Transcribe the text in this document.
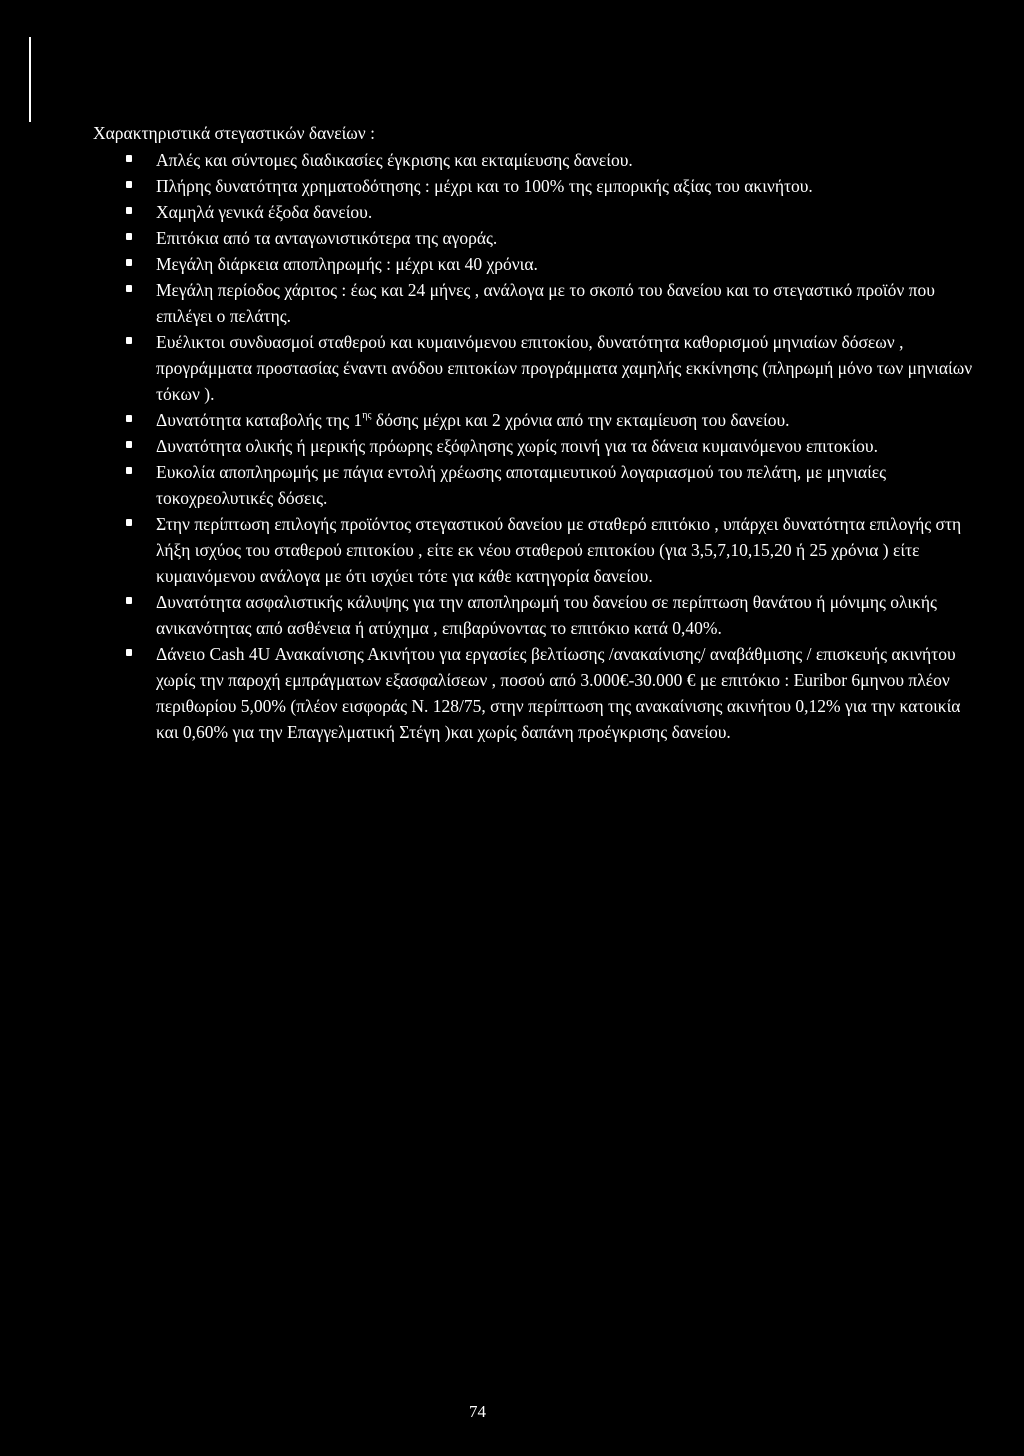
Χαρακτηριστικά στεγαστικών δανείων :

Απλές και σύντομες διαδικασίες έγκρισης και εκταμίευσης δανείου.
Πλήρης δυνατότητα χρηματοδότησης : μέχρι και το 100% της εμπορικής αξίας του ακινήτου.
Χαμηλά γενικά έξοδα δανείου.
Επιτόκια από τα ανταγωνιστικότερα της αγοράς.
Μεγάλη διάρκεια αποπληρωμής : μέχρι και 40 χρόνια.
Μεγάλη περίοδος χάριτος : έως και 24 μήνες , ανάλογα με το σκοπό του δανείου και το στεγαστικό προϊόν που επιλέγει ο πελάτης.
Ευέλικτοι συνδυασμοί σταθερού και κυμαινόμενου επιτοκίου, δυνατότητα καθορισμού μηνιαίων δόσεων , προγράμματα προστασίας έναντι ανόδου επιτοκίων προγράμματα χαμηλής εκκίνησης (πληρωμή μόνο των μηνιαίων τόκων ).
Δυνατότητα καταβολής της $1^{\eta\varsigma}$ δόσης μέχρι και 2 χρόνια από την εκταμίευση του δανείου.
Δυνατότητα ολικής ή μερικής πρόωρης εξόφλησης χωρίς ποινή για τα δάνεια κυμαινόμενου επιτοκίου.
Ευκολία αποπληρωμής με πάγια εντολή χρέωσης αποταμιευτικού λογαριασμού του πελάτη, με μηνιαίες τοκοχρεολυτικές δόσεις.
Στην περίπτωση επιλογής προϊόντος στεγαστικού δανείου με σταθερό επιτόκιο , υπάρχει δυνατότητα επιλογής στη λήξη ισχύος του σταθερού επιτοκίου , είτε εκ νέου σταθερού επιτοκίου (για 3,5,7,10,15,20 ή 25 χρόνια ) είτε κυμαινόμενου ανάλογα με ότι ισχύει τότε για κάθε κατηγορία δανείου.
Δυνατότητα ασφαλιστικής κάλυψης για την αποπληρωμή του δανείου σε περίπτωση θανάτου ή μόνιμης ολικής ανικανότητας από ασθένεια ή ατύχημα , επιβαρύνοντας το επιτόκιο κατά 0,40%.
Δάνειο Cash 4U Ανακαίνισης Ακινήτου για εργασίες βελτίωσης /ανακαίνισης/ αναβάθμισης / επισκευής ακινήτου χωρίς την παροχή εμπράγματων εξασφαλίσεων , ποσού από 3.000€-30.000 € με επιτόκιο : Euribor 6μηνου πλέον περιθωρίου 5,00% (πλέον εισφοράς Ν. 128/75, στην περίπτωση της ανακαίνισης ακινήτου 0,12% για την κατοικία και 0,60% για την Επαγγελματική Στέγη )και χωρίς δαπάνη προέγκρισης δανείου.
74
